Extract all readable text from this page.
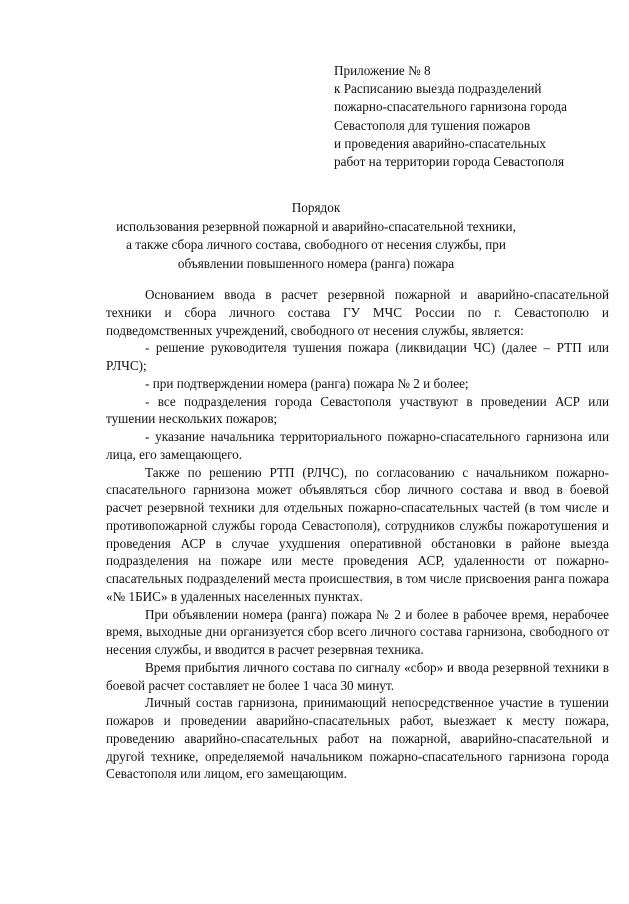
Приложение № 8
к Расписанию выезда подразделений
пожарно-спасательного гарнизона города
Севастополя для тушения пожаров
и проведения аварийно-спасательных
работ на территории города Севастополя
Порядок
использования резервной пожарной и аварийно-спасательной техники,
а также сбора личного состава, свободного от несения службы, при
объявлении повышенного номера (ранга) пожара

Основанием ввода в расчет резервной пожарной и аварийно-спасательной техники и сбора личного состава ГУ МЧС России по г. Севастополю и подведомственных учреждений, свободного от несения службы, является:

- решение руководителя тушения пожара (ликвидации ЧС) (далее – РТП или РЛЧС);

- при подтверждении номера (ранга) пожара № 2 и более;

- все подразделения города Севастополя участвуют в проведении АСР или тушении нескольких пожаров;

- указание начальника территориального пожарно-спасательного гарнизона или лица, его замещающего.

Также по решению РТП (РЛЧС), по согласованию с начальником пожарно-спасательного гарнизона может объявляться сбор личного состава и ввод в боевой расчет резервной техники для отдельных пожарно-спасательных частей (в том числе и противопожарной службы города Севастополя), сотрудников службы пожаротушения и проведения АСР в случае ухудшения оперативной обстановки в районе выезда подразделения на пожаре или месте проведения АСР, удаленности от пожарно-спасательных подразделений места происшествия, в том числе присвоения ранга пожара «№ 1БИС» в удаленных населенных пунктах.

При объявлении номера (ранга) пожара № 2 и более в рабочее время, нерабочее время, выходные дни организуется сбор всего личного состава гарнизона, свободного от несения службы, и вводится в расчет резервная техника.

Время прибытия личного состава по сигналу «сбор» и ввода резервной техники в боевой расчет составляет не более 1 часа 30 минут.

Личный состав гарнизона, принимающий непосредственное участие в тушении пожаров и проведении аварийно-спасательных работ, выезжает к месту пожара, проведению аварийно-спасательных работ на пожарной, аварийно-спасательной и другой технике, определяемой начальником пожарно-спасательного гарнизона города Севастополя или лицом, его замещающим.
